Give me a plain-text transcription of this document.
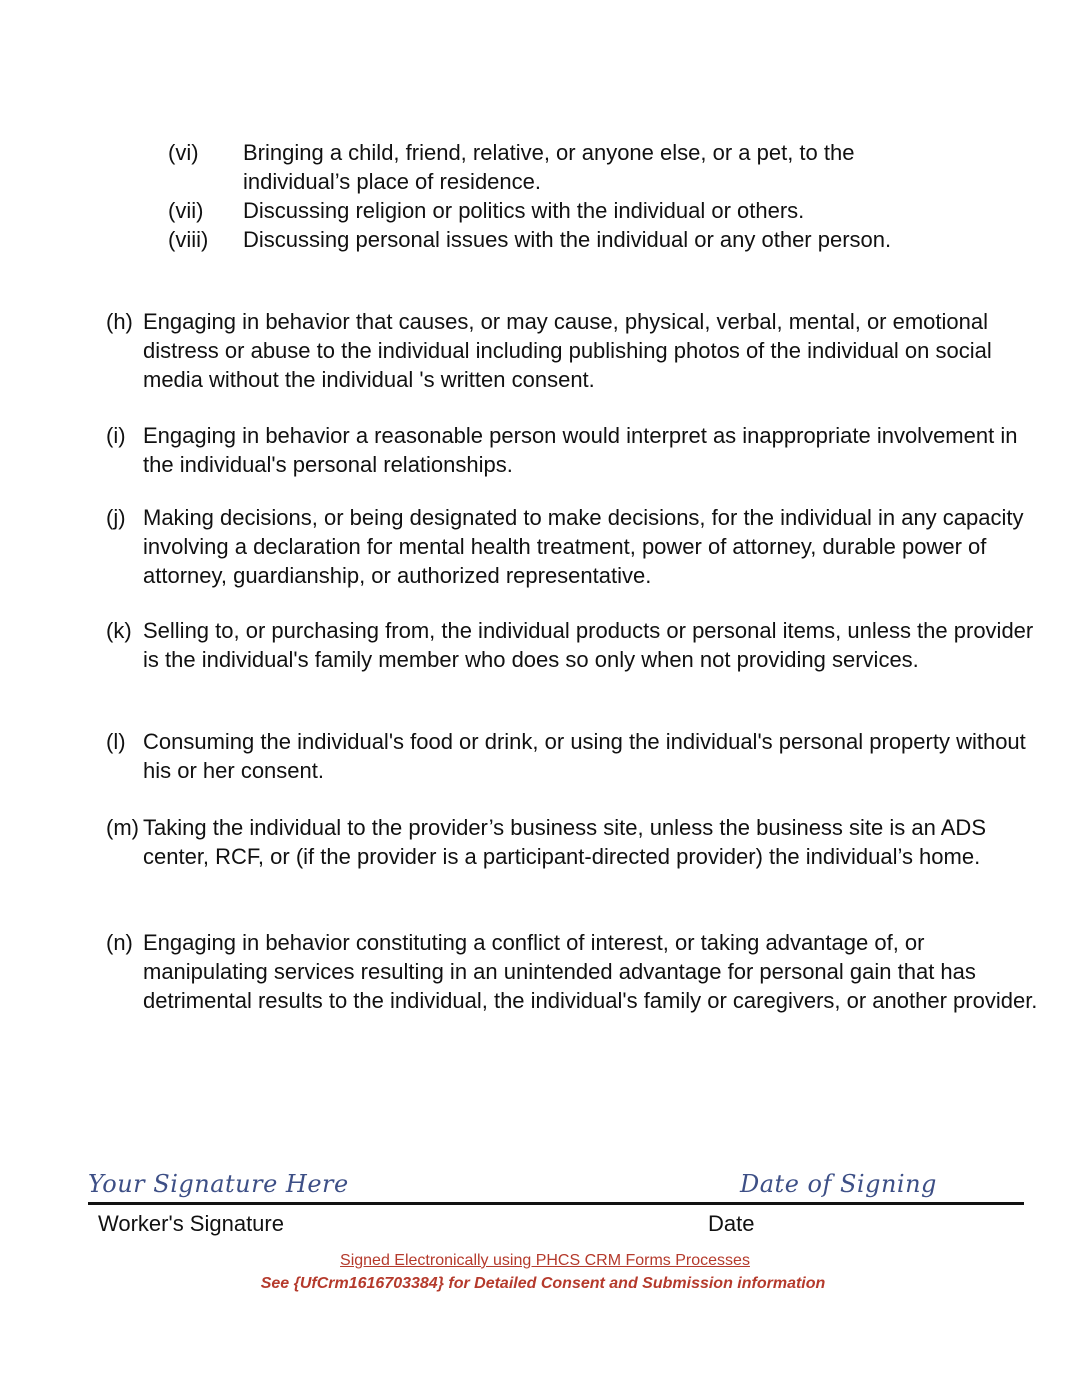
(vi)	Bringing a child, friend, relative, or anyone else, or a pet, to the individual’s place of residence.
(vii)	Discussing religion or politics with the individual or others.
(viii)	Discussing personal issues with the individual or any other person.
(h) Engaging in behavior that causes, or may cause, physical, verbal, mental, or emotional distress or abuse to the individual including publishing photos of the individual on social media without the individual 's written consent.
(i) Engaging in behavior a reasonable person would interpret as inappropriate involvement in the individual's personal relationships.
(j) Making decisions, or being designated to make decisions, for the individual in any capacity involving a declaration for mental health treatment, power of attorney, durable power of attorney, guardianship, or authorized representative.
(k) Selling to, or purchasing from, the individual products or personal items, unless the provider is the individual's family member who does so only when not providing services.
(l) Consuming the individual's food or drink, or using the individual's personal property without his or her consent.
(m) Taking the individual to the provider’s business site, unless the business site is an ADS center, RCF, or (if the provider is a participant-directed provider) the individual’s home.
(n) Engaging in behavior constituting a conflict of interest, or taking advantage of, or manipulating services resulting in an unintended advantage for personal gain that has detrimental results to the individual, the individual's family or caregivers, or another provider.
Your Signature Here	Date of Signing
Worker's Signature	Date
Signed Electronically using PHCS CRM Forms Processes
See {UfCrm1616703384} for Detailed Consent and Submission information
